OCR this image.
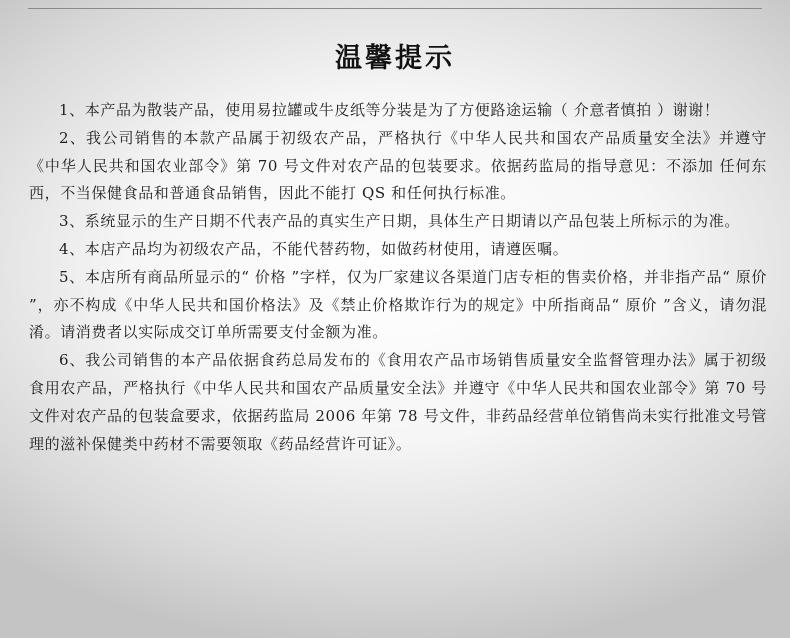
温馨提示

1、本产品为散装产品，使用易拉罐或牛皮纸等分装是为了方便路途运输（ 介意者慎拍 ）谢谢！

2、我公司销售的本款产品属于初级农产品，严格执行《中华人民共和国农产品质量安全法》并遵守《中华人民共和国农业部令》第 70 号文件对农产品的包装要求。依据药监局的指导意见：不添加 任何东西，不当保健食品和普通食品销售，因此不能打 QS 和任何执行标准。

3、系统显示的生产日期不代表产品的真实生产日期，具体生产日期请以产品包装上所标示的为准。

4、本店产品均为初级农产品，不能代替药物，如做药材使用，请遵医嘱。

5、本店所有商品所显示的“ 价格 ”字样，仅为厂家建议各渠道门店专柜的售卖价格，并非指产品“ 原价 ”，亦不构成《中华人民共和国价格法》及《禁止价格欺诈行为的规定》中所指商品“ 原价 ”含义，请勿混淆。请消费者以实际成交订单所需要支付金额为准。

6、我公司销售的本产品依据食药总局发布的《食用农产品市场销售质量安全监督管理办法》属于初级食用农产品，严格执行《中华人民共和国农产品质量安全法》并遵守《中华人民共和国农业部令》第 70 号文件对农产品的包装盒要求，依据药监局 2006 年第 78 号文件，非药品经营单位销售尚未实行批准文号管理的滋补保健类中药材不需要领取《药品经营许可证》。
